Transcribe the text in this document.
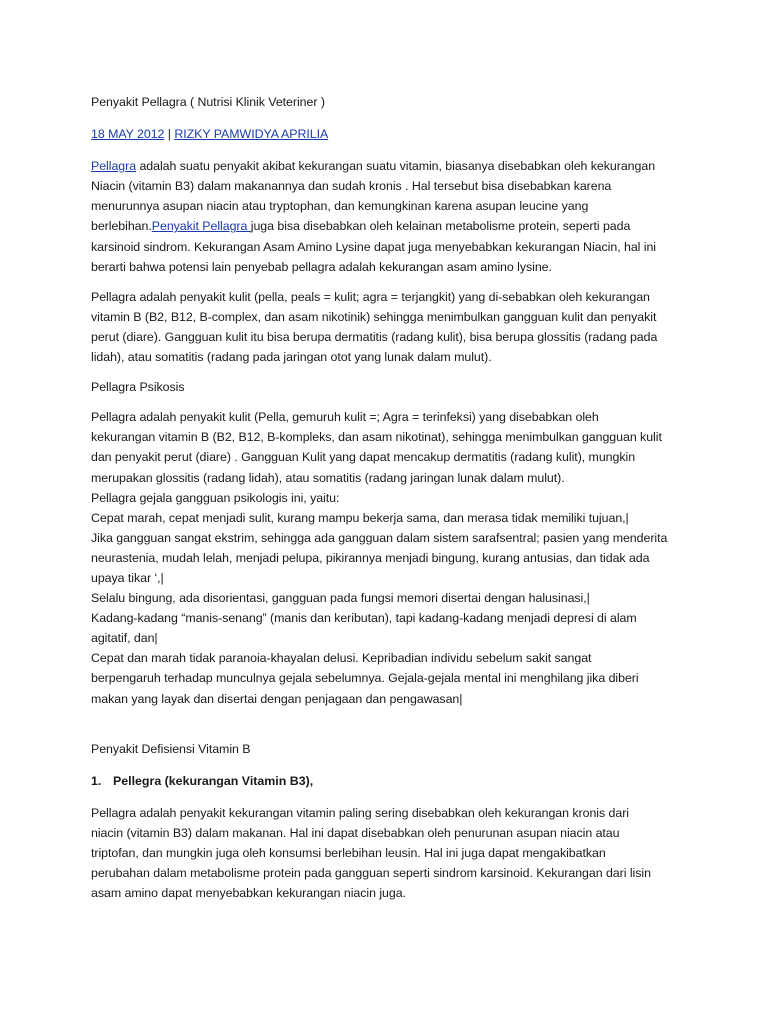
Penyakit Pellagra ( Nutrisi Klinik Veteriner )
18 MAY 2012 | RIZKY PAMWIDYA APRILIA
Pellagra adalah suatu penyakit akibat kekurangan suatu vitamin, biasanya disebabkan oleh kekurangan
Niacin (vitamin B3) dalam makanannya dan sudah kronis . Hal tersebut bisa disebabkan karena
menurunnya asupan niacin atau tryptophan, dan kemungkinan karena asupan leucine yang
berlebihan.Penyakit Pellagra juga bisa disebabkan oleh kelainan metabolisme protein, seperti pada
karsinoid sindrom. Kekurangan Asam Amino Lysine dapat juga menyebabkan kekurangan Niacin, hal ini
berarti bahwa potensi lain penyebab pellagra adalah kekurangan asam amino lysine.
Pellagra adalah penyakit kulit (pella, peals = kulit; agra = terjangkit) yang di-sebabkan oleh kekurangan
vitamin B (B2, B12, B-complex, dan asam nikotinik) sehingga menimbulkan gangguan kulit dan penyakit
perut (diare). Gangguan kulit itu bisa berupa dermatitis (radang kulit), bisa berupa glossitis (radang pada
lidah), atau somatitis (radang pada jaringan otot yang lunak dalam mulut).
Pellagra Psikosis
Pellagra adalah penyakit kulit (Pella, gemuruh kulit =; Agra = terinfeksi) yang disebabkan oleh
kekurangan vitamin B (B2, B12, B-kompleks, dan asam nikotinat), sehingga menimbulkan gangguan kulit
dan penyakit perut (diare) . Gangguan Kulit yang dapat mencakup dermatitis (radang kulit), mungkin
merupakan glossitis (radang lidah), atau somatitis (radang jaringan lunak dalam mulut).
Pellagra gejala gangguan psikologis ini, yaitu:
Cepat marah, cepat menjadi sulit, kurang mampu bekerja sama, dan merasa tidak memiliki tujuan,|
Jika gangguan sangat ekstrim, sehingga ada gangguan dalam sistem sarafsentral; pasien yang menderita
neurastenia, mudah lelah, menjadi pelupa, pikirannya menjadi bingung, kurang antusias, dan tidak ada
upaya tikar ‘,|
Selalu bingung, ada disorientasi, gangguan pada fungsi memori disertai dengan halusinasi,|
Kadang-kadang “manis-senang” (manis dan keributan), tapi kadang-kadang menjadi depresi di alam
agitatif, dan|
Cepat dan marah tidak paranoia-khayalan delusi. Kepribadian individu sebelum sakit sangat
berpengaruh terhadap munculnya gejala sebelumnya. Gejala-gejala mental ini menghilang jika diberi
makan yang layak dan disertai dengan penjagaan dan pengawasan|
Penyakit Defisiensi Vitamin B
1. Pellegra (kekurangan Vitamin B3),
Pellagra adalah penyakit kekurangan vitamin paling sering disebabkan oleh kekurangan kronis dari
niacin (vitamin B3) dalam makanan. Hal ini dapat disebabkan oleh penurunan asupan niacin atau
triptofan, dan mungkin juga oleh konsumsi berlebihan leusin. Hal ini juga dapat mengakibatkan
perubahan dalam metabolisme protein pada gangguan seperti sindrom karsinoid. Kekurangan dari lisin
asam amino dapat menyebabkan kekurangan niacin juga.
